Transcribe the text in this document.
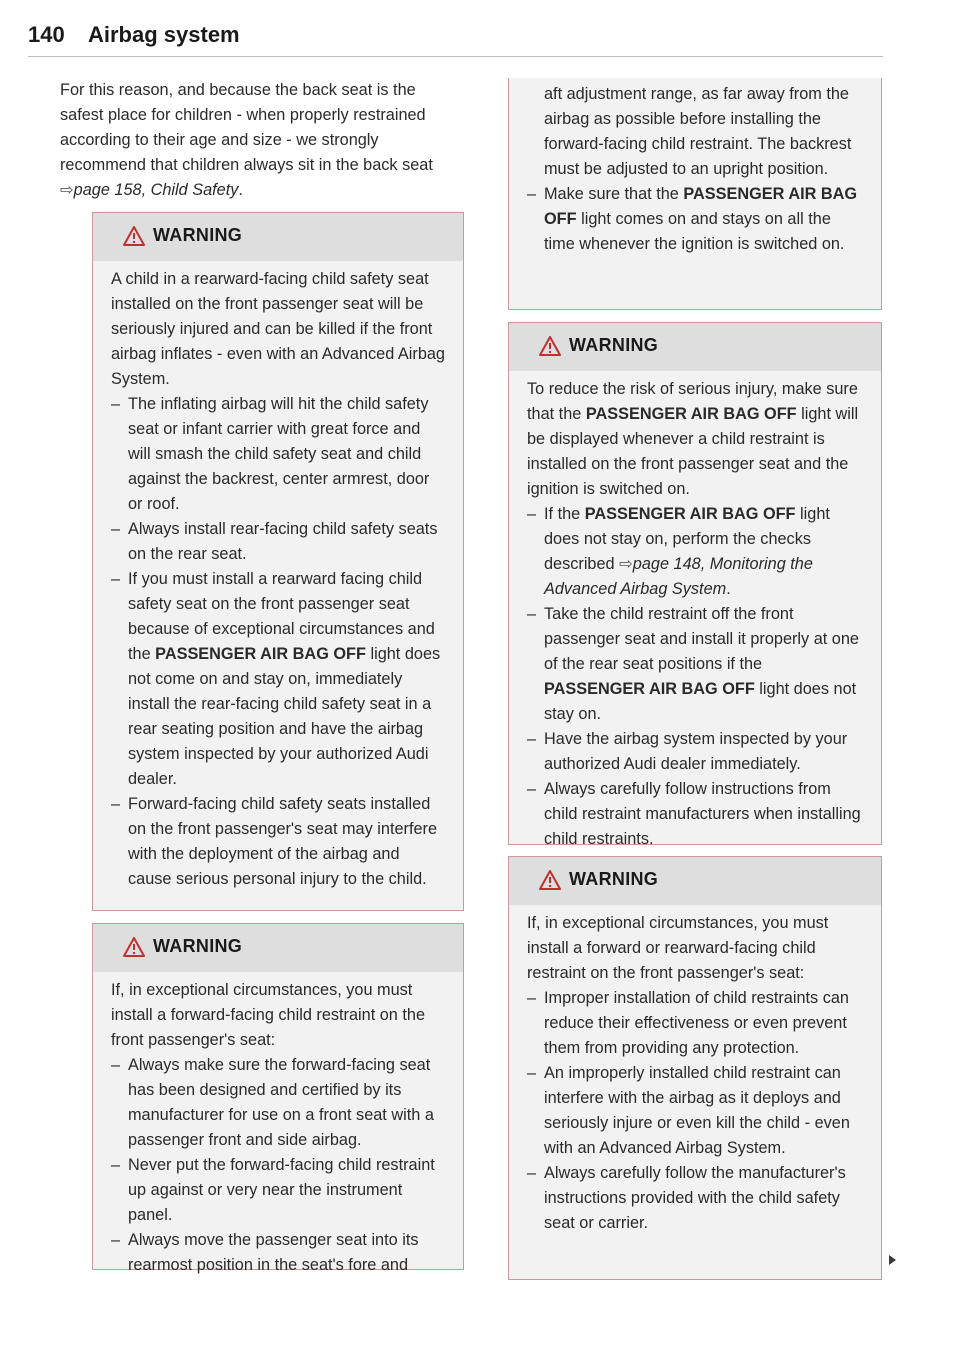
140 Airbag system

For this reason, and because the back seat is the safest place for children - when properly restrained according to their age and size - we strongly recommend that children always sit in the back seat ⇨page 158, Child Safety.

WARNING

A child in a rearward-facing child safety seat installed on the front passenger seat will be seriously injured and can be killed if the front airbag inflates - even with an Advanced Airbag System.

– The inflating airbag will hit the child safety seat or infant carrier with great force and will smash the child safety seat and child against the backrest, center armrest, door or roof.

– Always install rear-facing child safety seats on the rear seat.

– If you must install a rearward facing child safety seat on the front passenger seat because of exceptional circumstances and the PASSENGER AIR BAG OFF light does not come on and stay on, immediately install the rear-facing child safety seat in a rear seating position and have the airbag system inspected by your authorized Audi dealer.

– Forward-facing child safety seats installed on the front passenger's seat may interfere with the deployment of the airbag and cause serious personal injury to the child.

WARNING

If, in exceptional circumstances, you must install a forward-facing child restraint on the front passenger's seat:

– Always make sure the forward-facing seat has been designed and certified by its manufacturer for use on a front seat with a passenger front and side airbag.

– Never put the forward-facing child restraint up against or very near the instrument panel.

– Always move the passenger seat into its rearmost position in the seat's fore and

aft adjustment range, as far away from the airbag as possible before installing the forward-facing child restraint. The backrest must be adjusted to an upright position.

– Make sure that the PASSENGER AIR BAG OFF light comes on and stays on all the time whenever the ignition is switched on.

WARNING

To reduce the risk of serious injury, make sure that the PASSENGER AIR BAG OFF light will be displayed whenever a child restraint is installed on the front passenger seat and the ignition is switched on.

– If the PASSENGER AIR BAG OFF light does not stay on, perform the checks described ⇨page 148, Monitoring the Advanced Airbag System.

– Take the child restraint off the front passenger seat and install it properly at one of the rear seat positions if the PASSENGER AIR BAG OFF light does not stay on.

– Have the airbag system inspected by your authorized Audi dealer immediately.

– Always carefully follow instructions from child restraint manufacturers when installing child restraints.

WARNING

If, in exceptional circumstances, you must install a forward or rearward-facing child restraint on the front passenger's seat:

– Improper installation of child restraints can reduce their effectiveness or even prevent them from providing any protection.

– An improperly installed child restraint can interfere with the airbag as it deploys and seriously injure or even kill the child - even with an Advanced Airbag System.

– Always carefully follow the manufacturer's instructions provided with the child safety seat or carrier.
